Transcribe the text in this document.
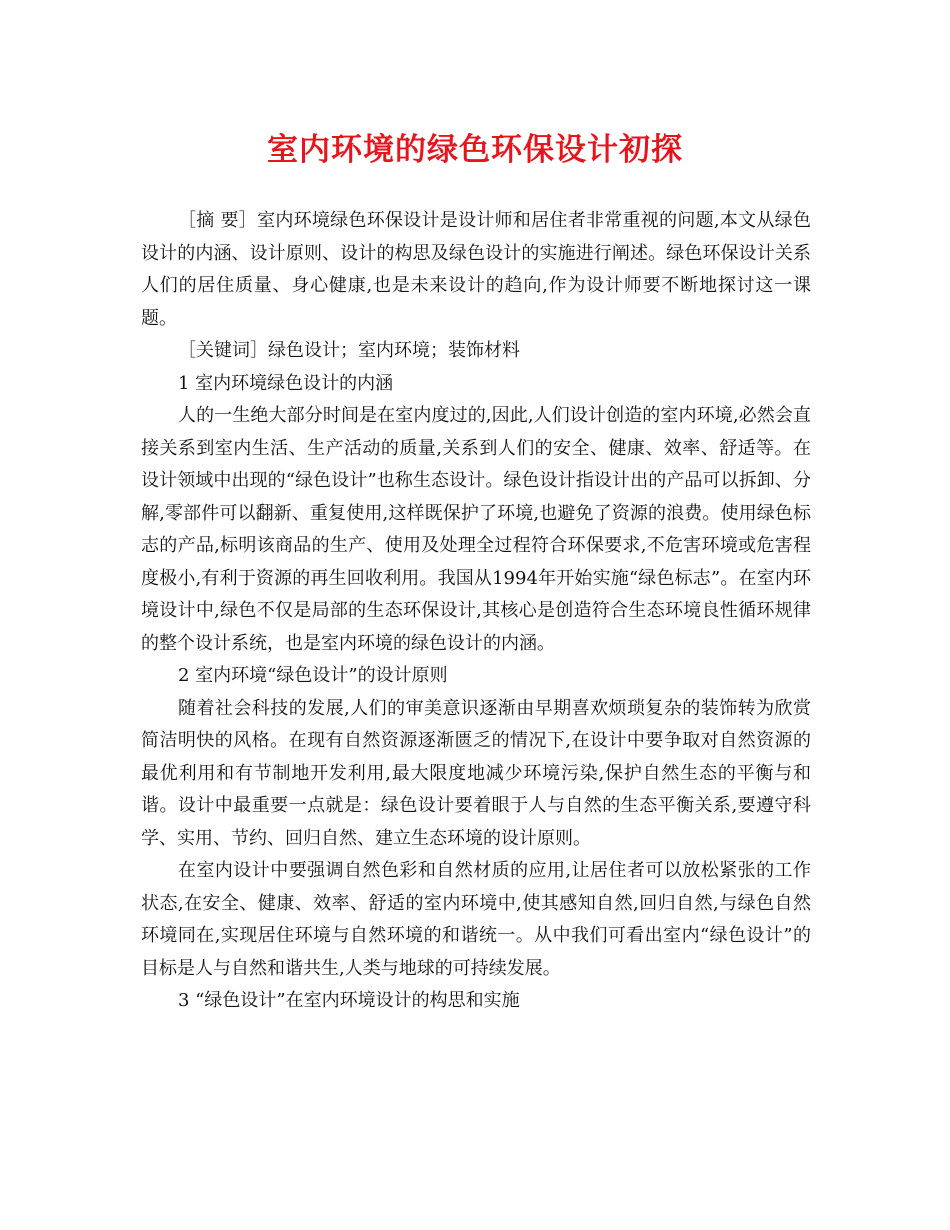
室内环境的绿色环保设计初探

［摘 要］室内环境绿色环保设计是设计师和居住者非常重视的问题,本文从绿色设计的内涵、设计原则、设计的构思及绿色设计的实施进行阐述。绿色环保设计关系人们的居住质量、身心健康,也是未来设计的趋向,作为设计师要不断地探讨这一课题。

［关键词］绿色设计；室内环境；装饰材料

1 室内环境绿色设计的内涵

人的一生绝大部分时间是在室内度过的,因此,人们设计创造的室内环境,必然会直接关系到室内生活、生产活动的质量,关系到人们的安全、健康、效率、舒适等。在设计领域中出现的“绿色设计”也称生态设计。绿色设计指设计出的产品可以拆卸、分解,零部件可以翻新、重复使用,这样既保护了环境,也避免了资源的浪费。使用绿色标志的产品,标明该商品的生产、使用及处理全过程符合环保要求,不危害环境或危害程度极小,有利于资源的再生回收利用。我国从1994年开始实施“绿色标志”。在室内环境设计中,绿色不仅是局部的生态环保设计,其核心是创造符合生态环境良性循环规律的整个设计系统，也是室内环境的绿色设计的内涵。

2 室内环境“绿色设计”的设计原则

随着社会科技的发展,人们的审美意识逐渐由早期喜欢烦琐复杂的装饰转为欣赏简洁明快的风格。在现有自然资源逐渐匮乏的情况下,在设计中要争取对自然资源的最优利用和有节制地开发利用,最大限度地减少环境污染,保护自然生态的平衡与和谐。设计中最重要一点就是：绿色设计要着眼于人与自然的生态平衡关系,要遵守科学、实用、节约、回归自然、建立生态环境的设计原则。

在室内设计中要强调自然色彩和自然材质的应用,让居住者可以放松紧张的工作状态,在安全、健康、效率、舒适的室内环境中,使其感知自然,回归自然,与绿色自然环境同在,实现居住环境与自然环境的和谐统一。从中我们可看出室内“绿色设计”的目标是人与自然和谐共生,人类与地球的可持续发展。

3 “绿色设计”在室内环境设计的构思和实施
